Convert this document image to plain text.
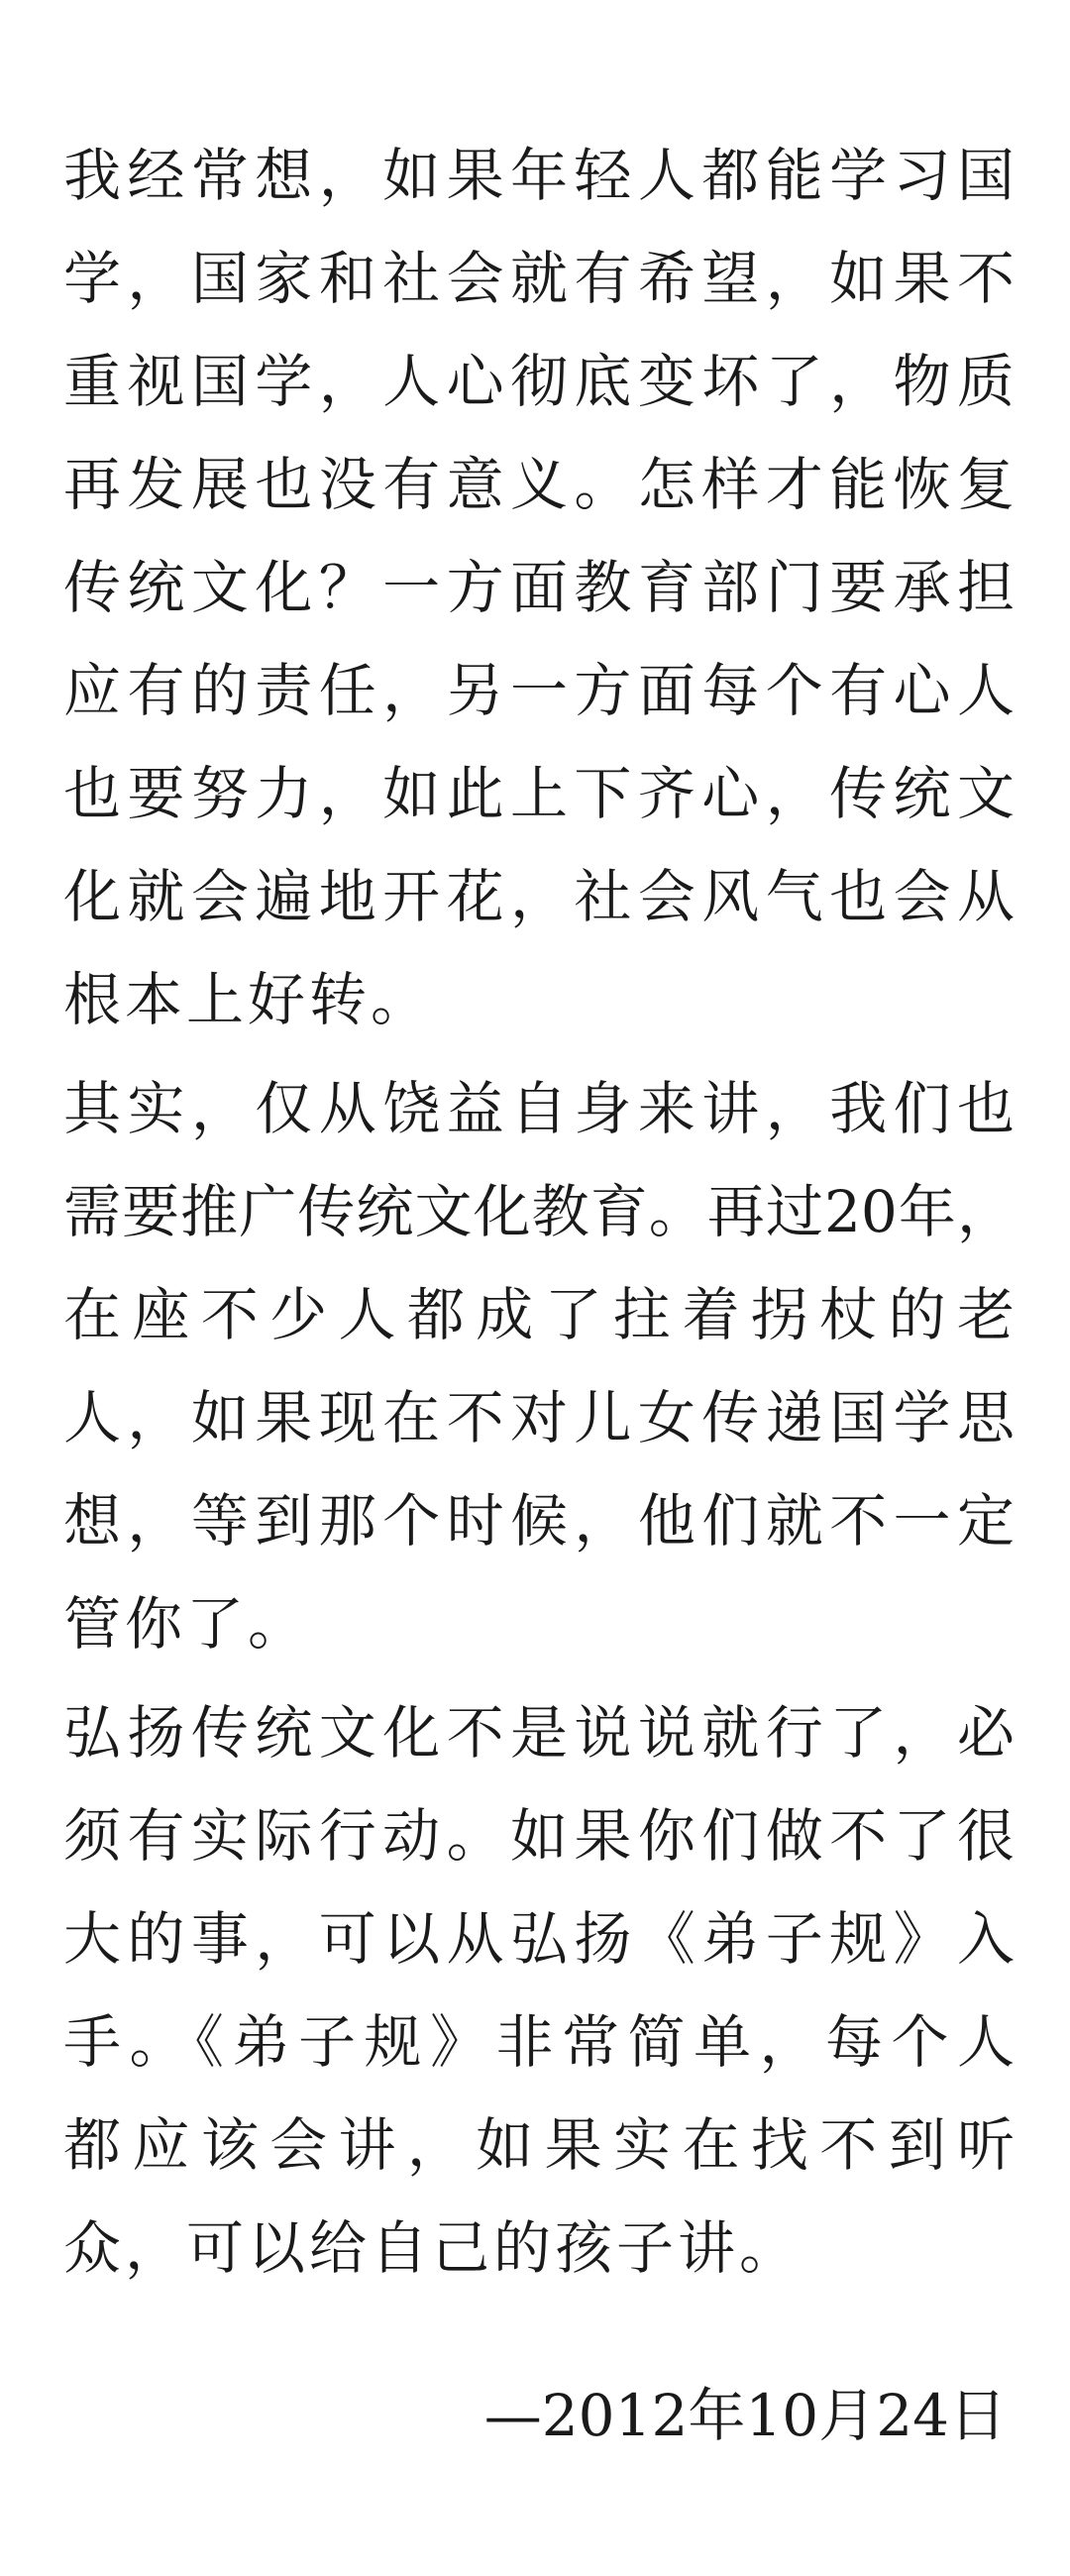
我经常想，如果年轻人都能学习国
学，国家和社会就有希望，如果不
重视国学，人心彻底变坏了，物质
再发展也没有意义。怎样才能恢复
传统文化？一方面教育部门要承担
应有的责任，另一方面每个有心人
也要努力，如此上下齐心，传统文
化就会遍地开花，社会风气也会从
根本上好转。
其实，仅从饶益自身来讲，我们也
需要推广传统文化教育。再过20年，
在座不少人都成了拄着拐杖的老
人，如果现在不对儿女传递国学思
想，等到那个时候，他们就不一定
管你了。
弘扬传统文化不是说说就行了，必
须有实际行动。如果你们做不了很
大的事，可以从弘扬《弟子规》入
手。《弟子规》非常简单，每个人
都应该会讲，如果实在找不到听
众，可以给自己的孩子讲。
—2012年10月24日
